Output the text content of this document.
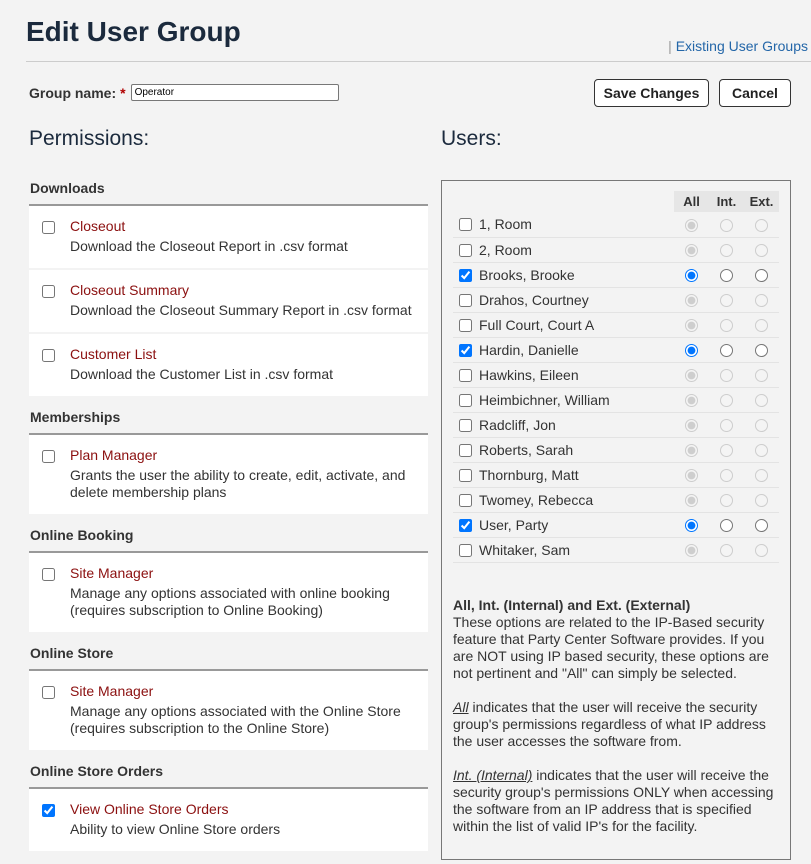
Edit User Group	| Existing User Groups
Group name: *
Operator	Save Changes	Cancel
Permissions:	Users:
Downloads
Closeout
Download the Closeout Report in .csv format
Closeout Summary
Download the Closeout Summary Report in .csv format
Customer List
Download the Customer List in .csv format
Memberships
Plan Manager
Grants the user the ability to create, edit, activate, and delete membership plans
Online Booking
Site Manager
Manage any options associated with online booking (requires subscription to Online Booking)
Online Store
Site Manager
Manage any options associated with the Online Store (requires subscription to the Online Store)
Online Store Orders
View Online Store Orders
Ability to view Online Store orders
	All	Int.	Ext.
1, Room			
2, Room			
Brooks, Brooke			
Drahos, Courtney			
Full Court, Court A			
Hardin, Danielle			
Hawkins, Eileen			
Heimbichner, William			
Radcliff, Jon			
Roberts, Sarah			
Thornburg, Matt			
Twomey, Rebecca			
User, Party			
Whitaker, Sam			
All, Int. (Internal) and Ext. (External)

These options are related to the IP-Based security feature that Party Center Software provides. If you are NOT using IP based security, these options are not pertinent and "All" can simply be selected.

All indicates that the user will receive the security group's permissions regardless of what IP address the user accesses the software from.

Int. (Internal) indicates that the user will receive the security group's permissions ONLY when accessing the software from an IP address that is specified within the list of valid IP's for the facility.
